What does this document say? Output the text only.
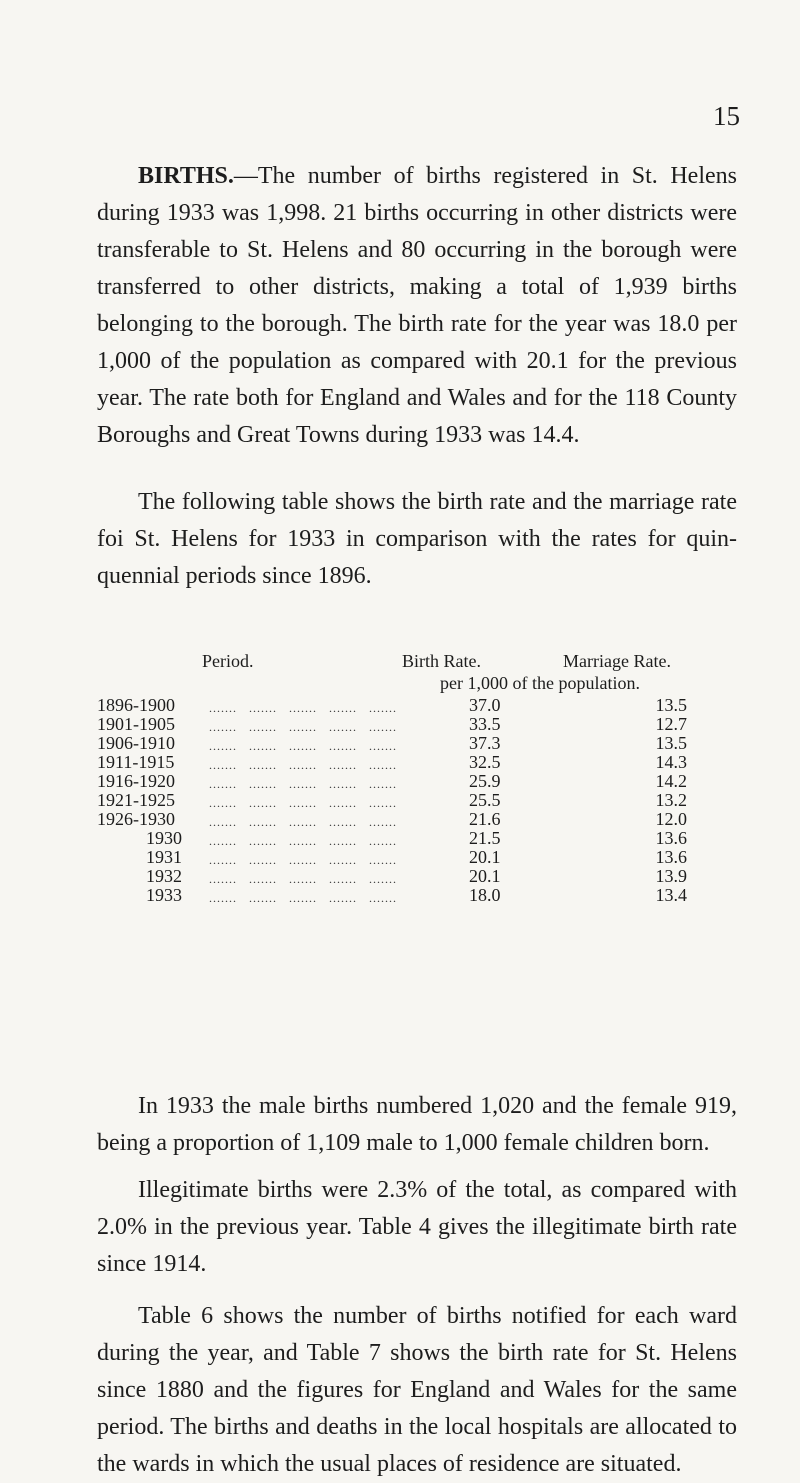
15

BIRTHS.—The number of births registered in St. Helens during 1933 was 1,998. 21 births occurring in other districts were transferable to St. Helens and 80 occurring in the borough were transferred to other districts, making a total of 1,939 births belonging to the borough. The birth rate for the year was 18.0 per 1,000 of the population as compared with 20.1 for the previous year. The rate both for England and Wales and for the 118 County Boroughs and Great Towns during 1933 was 14.4.

The following table shows the birth rate and the marriage rate foi St. Helens for 1933 in comparison with the rates for quin-quennial periods since 1896.

Period.	Birth Rate.	Marriage Rate.
per 1,000 of the population.
1896-1900	.......   .......   .......   .......   .......	37.0	13.5
1901-1905	.......   .......   .......   .......   .......	33.5	12.7
1906-1910	.......   .......   .......   .......   .......	37.3	13.5
1911-1915	.......   .......   .......   .......   .......	32.5	14.3
1916-1920	.......   .......   .......   .......   .......	25.9	14.2
1921-1925	.......   .......   .......   .......   .......	25.5	13.2
1926-1930	.......   .......   .......   .......   .......	21.6	12.0
1930	.......   .......   .......   .......   .......	21.5	13.6
1931	.......   .......   .......   .......   .......	20.1	13.6
1932	.......   .......   .......   .......   .......	20.1	13.9
1933	.......   .......   .......   .......   .......	18.0	13.4

In 1933 the male births numbered 1,020 and the female 919, being a proportion of 1,109 male to 1,000 female children born.

Illegitimate births were 2.3% of the total, as compared with 2.0% in the previous year. Table 4 gives the illegitimate birth rate since 1914.

Table 6 shows the number of births notified for each ward during the year, and Table 7 shows the birth rate for St. Helens since 1880 and the figures for England and Wales for the same period. The births and deaths in the local hospitals are allocated to the wards in which the usual places of residence are situated.
